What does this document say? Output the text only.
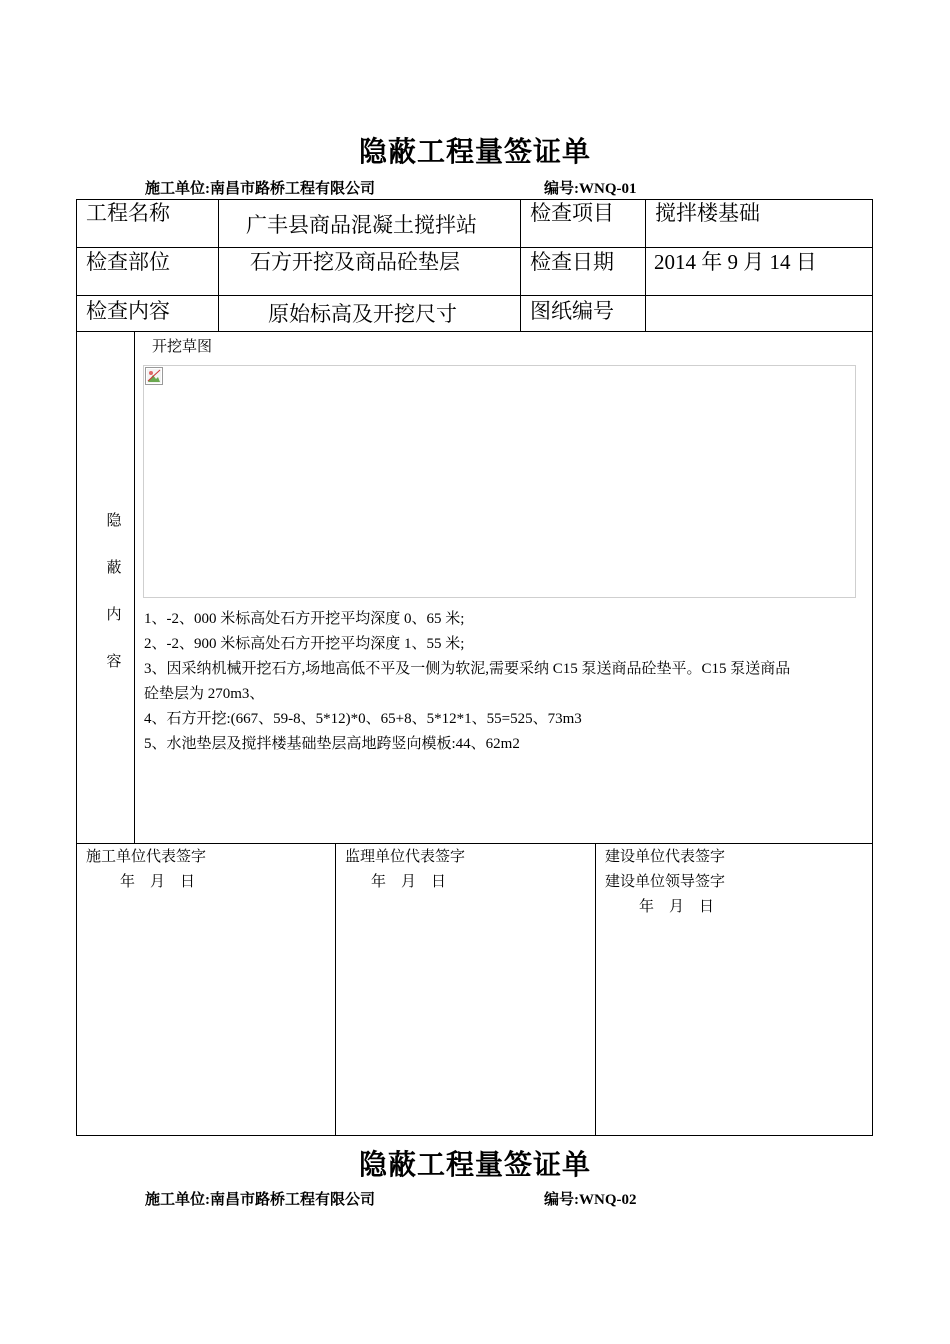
隐蔽工程量签证单
施工单位:南昌市路桥工程有限公司	编号:WNQ-01
工程名称	广丰县商品混凝土搅拌站	检查项目 搅拌楼基础
检查部位	石方开挖及商品砼垫层	检查日期 2014 年 9 月 14 日
检查内容	原始标高及开挖尺寸	图纸编号
隐
蔽
内
容
开挖草图
1、-2、000 米标高处石方开挖平均深度 0、65 米;
2、-2、900 米标高处石方开挖平均深度 1、55 米;
3、因采纳机械开挖石方,场地高低不平及一侧为软泥,需要采纳 C15 泵送商品砼垫平。C15 泵送商品
砼垫层为 270m3、
4、石方开挖:(667、59-8、5*12)*0、65+8、5*12*1、55=525、73m3
5、水池垫层及搅拌楼基础垫层高地跨竖向模板:44、62m2
施工单位代表签字
年　月　日
监理单位代表签字
年　月　日
建设单位代表签字
建设单位领导签字
年　月　日
隐蔽工程量签证单
施工单位:南昌市路桥工程有限公司	编号:WNQ-02
